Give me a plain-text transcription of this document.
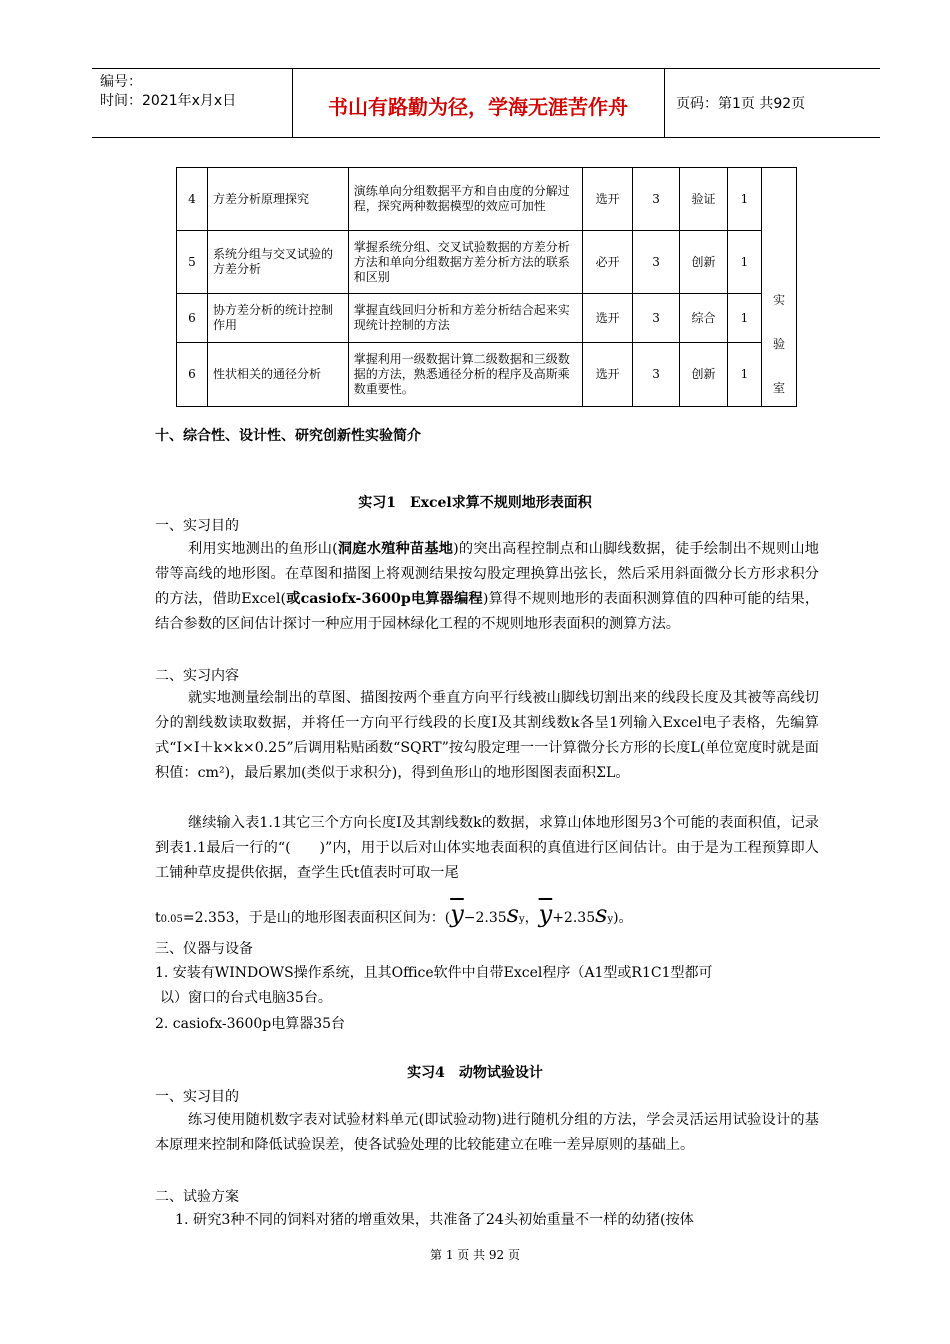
编号：
时间：2021年x月x日	书山有路勤为径，学海无涯苦作舟	页码：第1页 共92页
4	方差分析原理探究	演练单向分组数据平方和自由度的分解过程，探究两种数据模型的效应可加性	选开	3	验证	1	实
验
室

5	系统分组与交叉试验的方差分析	掌握系统分组、交叉试验数据的方差分析方法和单向分组数据方差分析方法的联系和区别	必开	3	创新	1	
6	协方差分析的统计控制作用	掌握直线回归分析和方差分析结合起来实现统计控制的方法	选开	3	综合	1	
6	性状相关的通径分析	掌握利用一级数据计算二级数据和三级数据的方法，熟悉通径分析的程序及高斯乘数重要性。	选开	3	创新	1	
十、综合性、设计性、研究创新性实验简介
实习1　Excel求算不规则地形表面积
一、实习目的
利用实地测出的鱼形山(洞庭水殖种苗基地)的突出高程控制点和山脚线数据，徒手绘制出不规则山地带等高线的地形图。在草图和描图上将观测结果按勾股定理换算出弦长，然后采用斜面微分长方形求积分的方法，借助Excel(或casiofx-3600p电算器编程)算得不规则地形的表面积测算值的四种可能的结果，结合参数的区间估计探讨一种应用于园林绿化工程的不规则地形表面积的测算方法。
二、实习内容
就实地测量绘制出的草图、描图按两个垂直方向平行线被山脚线切割出来的线段长度及其被等高线切分的割线数读取数据，并将任一方向平行线段的长度I及其割线数k各呈1列输入Excel电子表格，先编算式“I×I＋k×k×0.25”后调用粘贴函数“SQRT”按勾股定理一一计算微分长方形的长度L(单位宽度时就是面积值：cm²)，最后累加(类似于求积分)，得到鱼形山的地形图图表面积ΣL。
继续输入表1.1其它三个方向长度I及其割线数k的数据，求算山体地形图另3个可能的表面积值，记录到表1.1最后一行的“(　　)”内，用于以后对山体实地表面积的真值进行区间估计。由于是为工程预算即人工铺种草皮提供依据，查学生氏t值表时可取一尾
t0.05=2.353，于是山的地形图表面积区间为：($\overline{y}-2.35sy$，$\overline{y}+2.35sy$)。
三、仪器与设备
1. 安装有WINDOWS操作系统，且其Office软件中自带Excel程序（A1型或R1C1型都可
以）窗口的台式电脑35台。
2. casiofx-3600p电算器35台
实习4　动物试验设计
一、实习目的
练习使用随机数字表对试验材料单元(即试验动物)进行随机分组的方法，学会灵活运用试验设计的基本原理来控制和降低试验误差，使各试验处理的比较能建立在唯一差异原则的基础上。
二、试验方案
1. 研究3种不同的饲料对猪的增重效果，共准备了24头初始重量不一样的幼猪(按体
第 1 页 共 92 页
